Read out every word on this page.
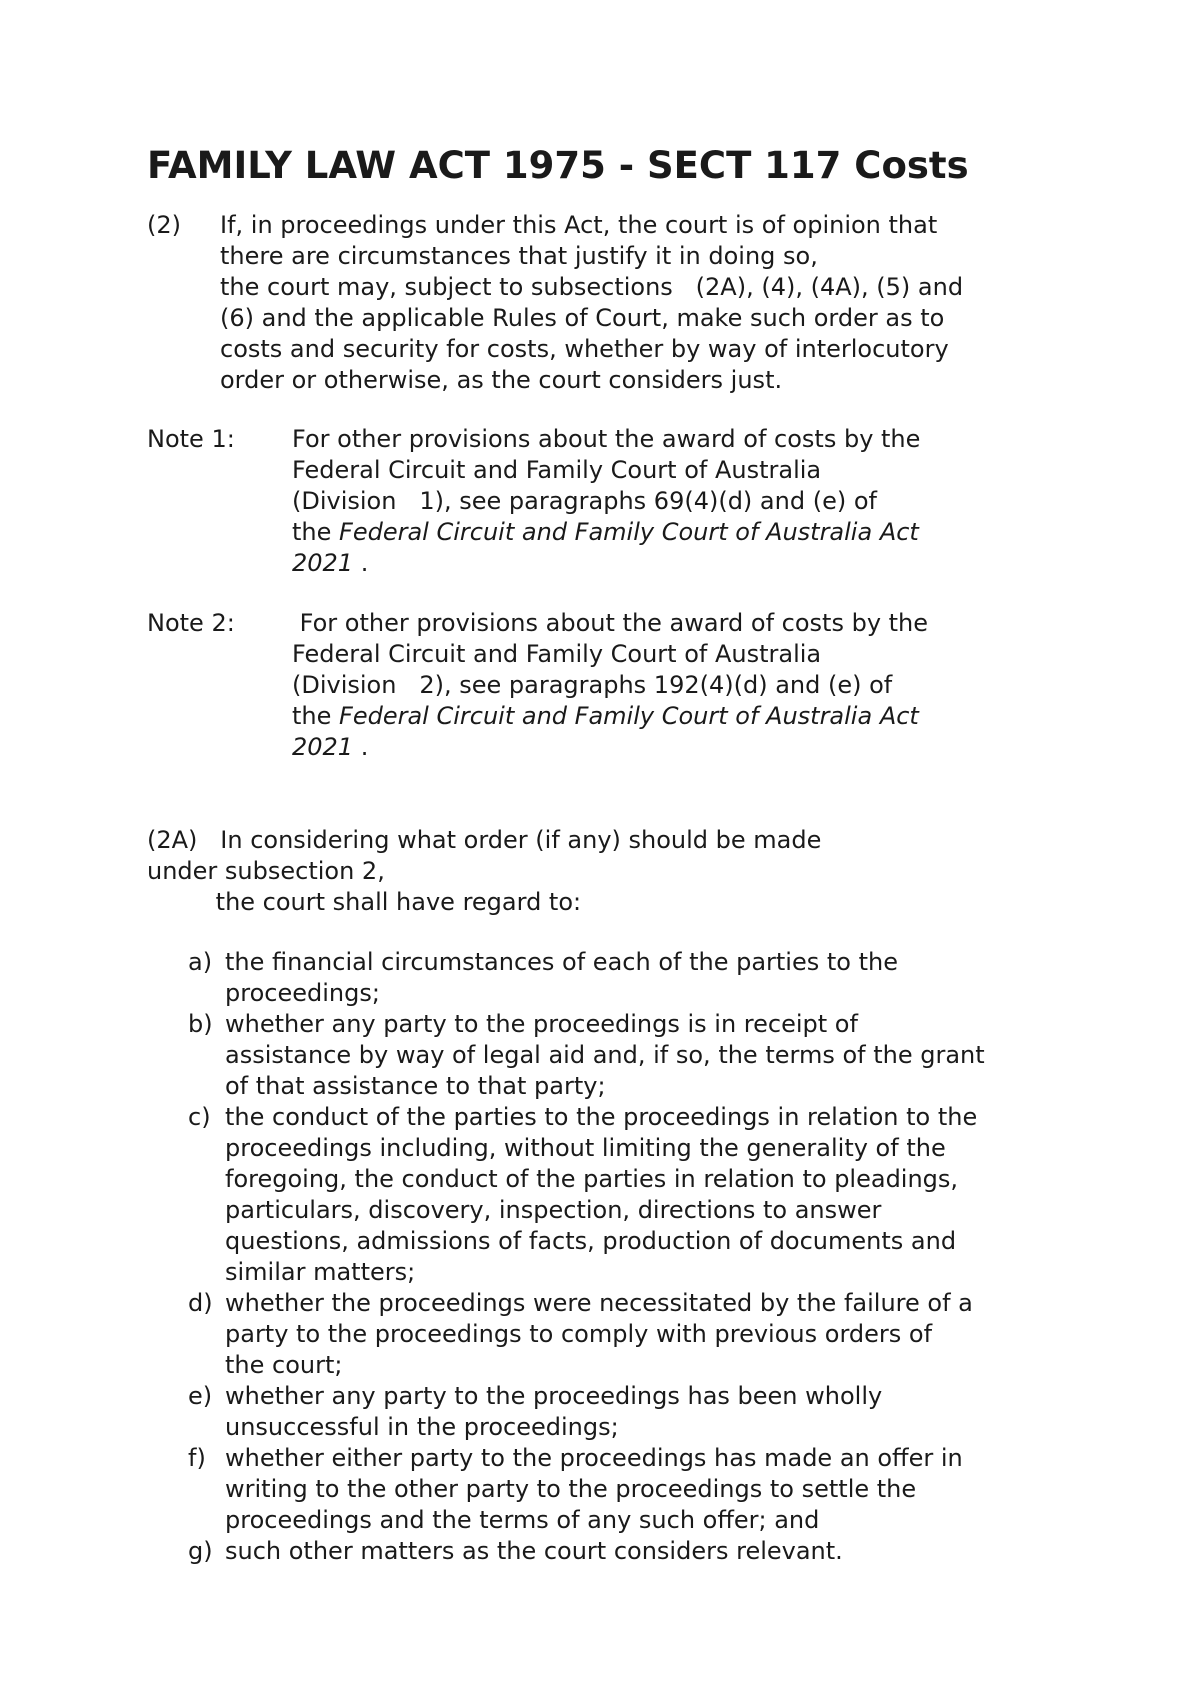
FAMILY LAW ACT 1975 - SECT 117 Costs
(2) If, in proceedings under this Act, the court is of opinion that
there are circumstances that justify it in doing so,
the court may, subject to subsections   (2A), (4), (4A), (5) and
(6) and the applicable Rules of Court, make such order as to
costs and security for costs, whether by way of interlocutory
order or otherwise, as the court considers just.
Note 1: For other provisions about the award of costs by the
Federal Circuit and Family Court of Australia
(Division   1), see paragraphs 69(4)(d) and (e) of
the Federal Circuit and Family Court of Australia Act
2021 .
Note 2: For other provisions about the award of costs by the
Federal Circuit and Family Court of Australia
(Division   2), see paragraphs 192(4)(d) and (e) of
the Federal Circuit and Family Court of Australia Act
2021 .
(2A)   In considering what order (if any) should be made
under subsection 2,
the court shall have regard to:
a) the financial circumstances of each of the parties to the
proceedings;
b) whether any party to the proceedings is in receipt of
assistance by way of legal aid and, if so, the terms of the grant
of that assistance to that party;
c) the conduct of the parties to the proceedings in relation to the
proceedings including, without limiting the generality of the
foregoing, the conduct of the parties in relation to pleadings,
particulars, discovery, inspection, directions to answer
questions, admissions of facts, production of documents and
similar matters;
d) whether the proceedings were necessitated by the failure of a
party to the proceedings to comply with previous orders of
the court;
e) whether any party to the proceedings has been wholly
unsuccessful in the proceedings;
f) whether either party to the proceedings has made an offer in
writing to the other party to the proceedings to settle the
proceedings and the terms of any such offer; and
g) such other matters as the court considers relevant.
